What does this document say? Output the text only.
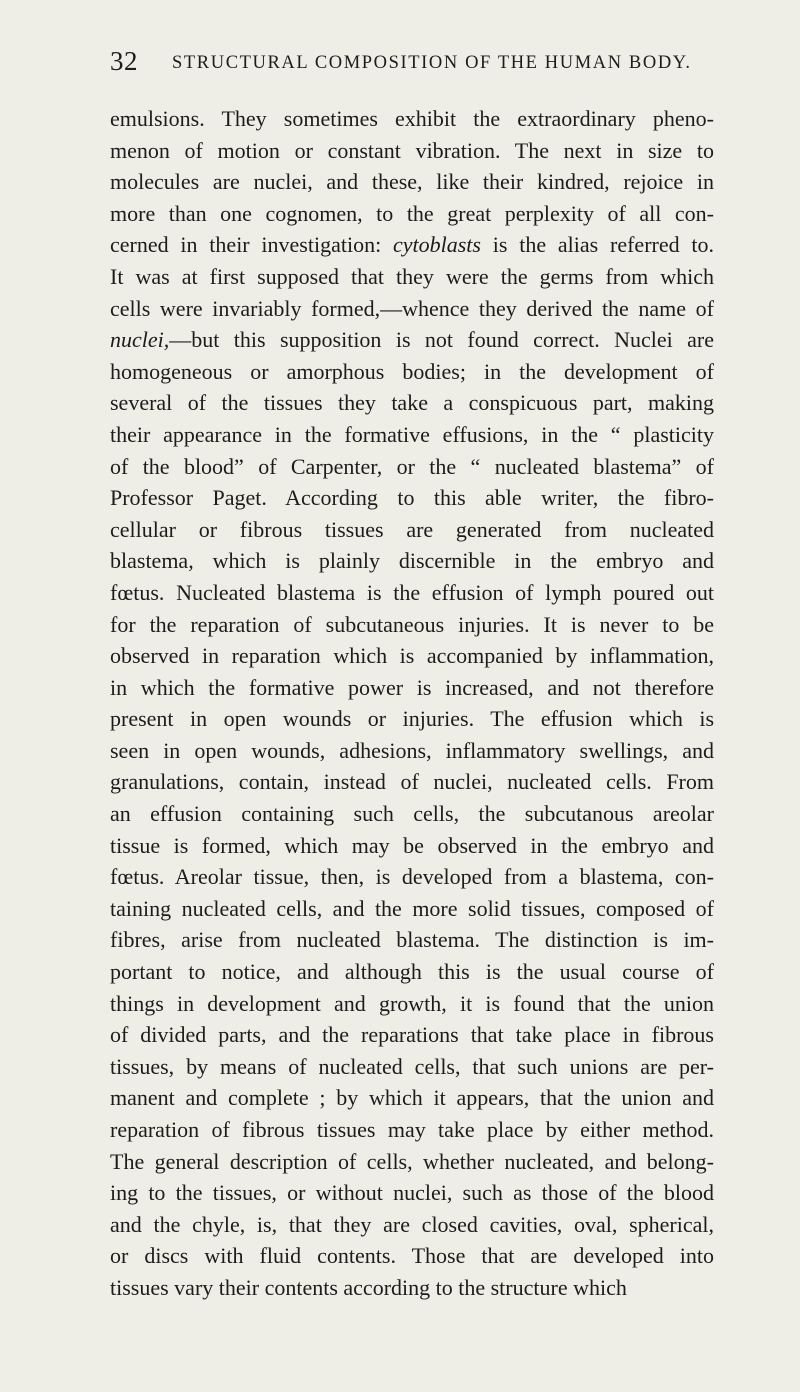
32 STRUCTURAL COMPOSITION OF THE HUMAN BODY.
emulsions. They sometimes exhibit the extraordinary pheno-
menon of motion or constant vibration. The next in size to
molecules are nuclei, and these, like their kindred, rejoice in
more than one cognomen, to the great perplexity of all con-
cerned in their investigation: cytoblasts is the alias referred to.
It was at first supposed that they were the germs from which
cells were invariably formed,—whence they derived the name of
nuclei,—but this supposition is not found correct. Nuclei are
homogeneous or amorphous bodies; in the development of
several of the tissues they take a conspicuous part, making
their appearance in the formative effusions, in the “ plasticity
of the blood” of Carpenter, or the “ nucleated blastema” of
Professor Paget. According to this able writer, the fibro-
cellular or fibrous tissues are generated from nucleated
blastema, which is plainly discernible in the embryo and
fœtus. Nucleated blastema is the effusion of lymph poured out
for the reparation of subcutaneous injuries. It is never to be
observed in reparation which is accompanied by inflammation,
in which the formative power is increased, and not therefore
present in open wounds or injuries. The effusion which is
seen in open wounds, adhesions, inflammatory swellings, and
granulations, contain, instead of nuclei, nucleated cells. From
an effusion containing such cells, the subcutanous areolar
tissue is formed, which may be observed in the embryo and
fœtus. Areolar tissue, then, is developed from a blastema, con-
taining nucleated cells, and the more solid tissues, composed of
fibres, arise from nucleated blastema. The distinction is im-
portant to notice, and although this is the usual course of
things in development and growth, it is found that the union
of divided parts, and the reparations that take place in fibrous
tissues, by means of nucleated cells, that such unions are per-
manent and complete ; by which it appears, that the union and
reparation of fibrous tissues may take place by either method.
The general description of cells, whether nucleated, and belong-
ing to the tissues, or without nuclei, such as those of the blood
and the chyle, is, that they are closed cavities, oval, spherical,
or discs with fluid contents. Those that are developed into
tissues vary their contents according to the structure which
